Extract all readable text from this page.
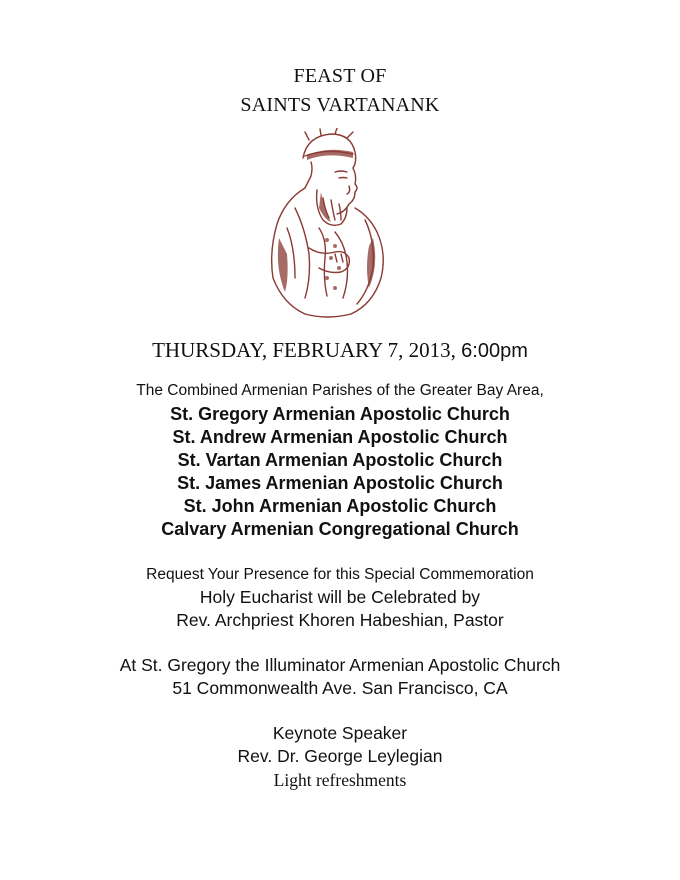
FEAST OF
SAINTS VARTANANK
THURSDAY, FEBRUARY 7, 2013, 6:00pm
The Combined Armenian Parishes of the Greater Bay Area,
St. Gregory Armenian Apostolic Church
St. Andrew Armenian Apostolic Church
St. Vartan Armenian Apostolic Church
St. James Armenian Apostolic Church
St. John Armenian Apostolic Church
Calvary Armenian Congregational Church
Request Your Presence for this Special Commemoration
Holy Eucharist will be Celebrated by
Rev. Archpriest Khoren Habeshian, Pastor
At St. Gregory the Illuminator Armenian Apostolic Church
51 Commonwealth Ave. San Francisco, CA
Keynote Speaker
Rev. Dr. George Leylegian
Light refreshments
